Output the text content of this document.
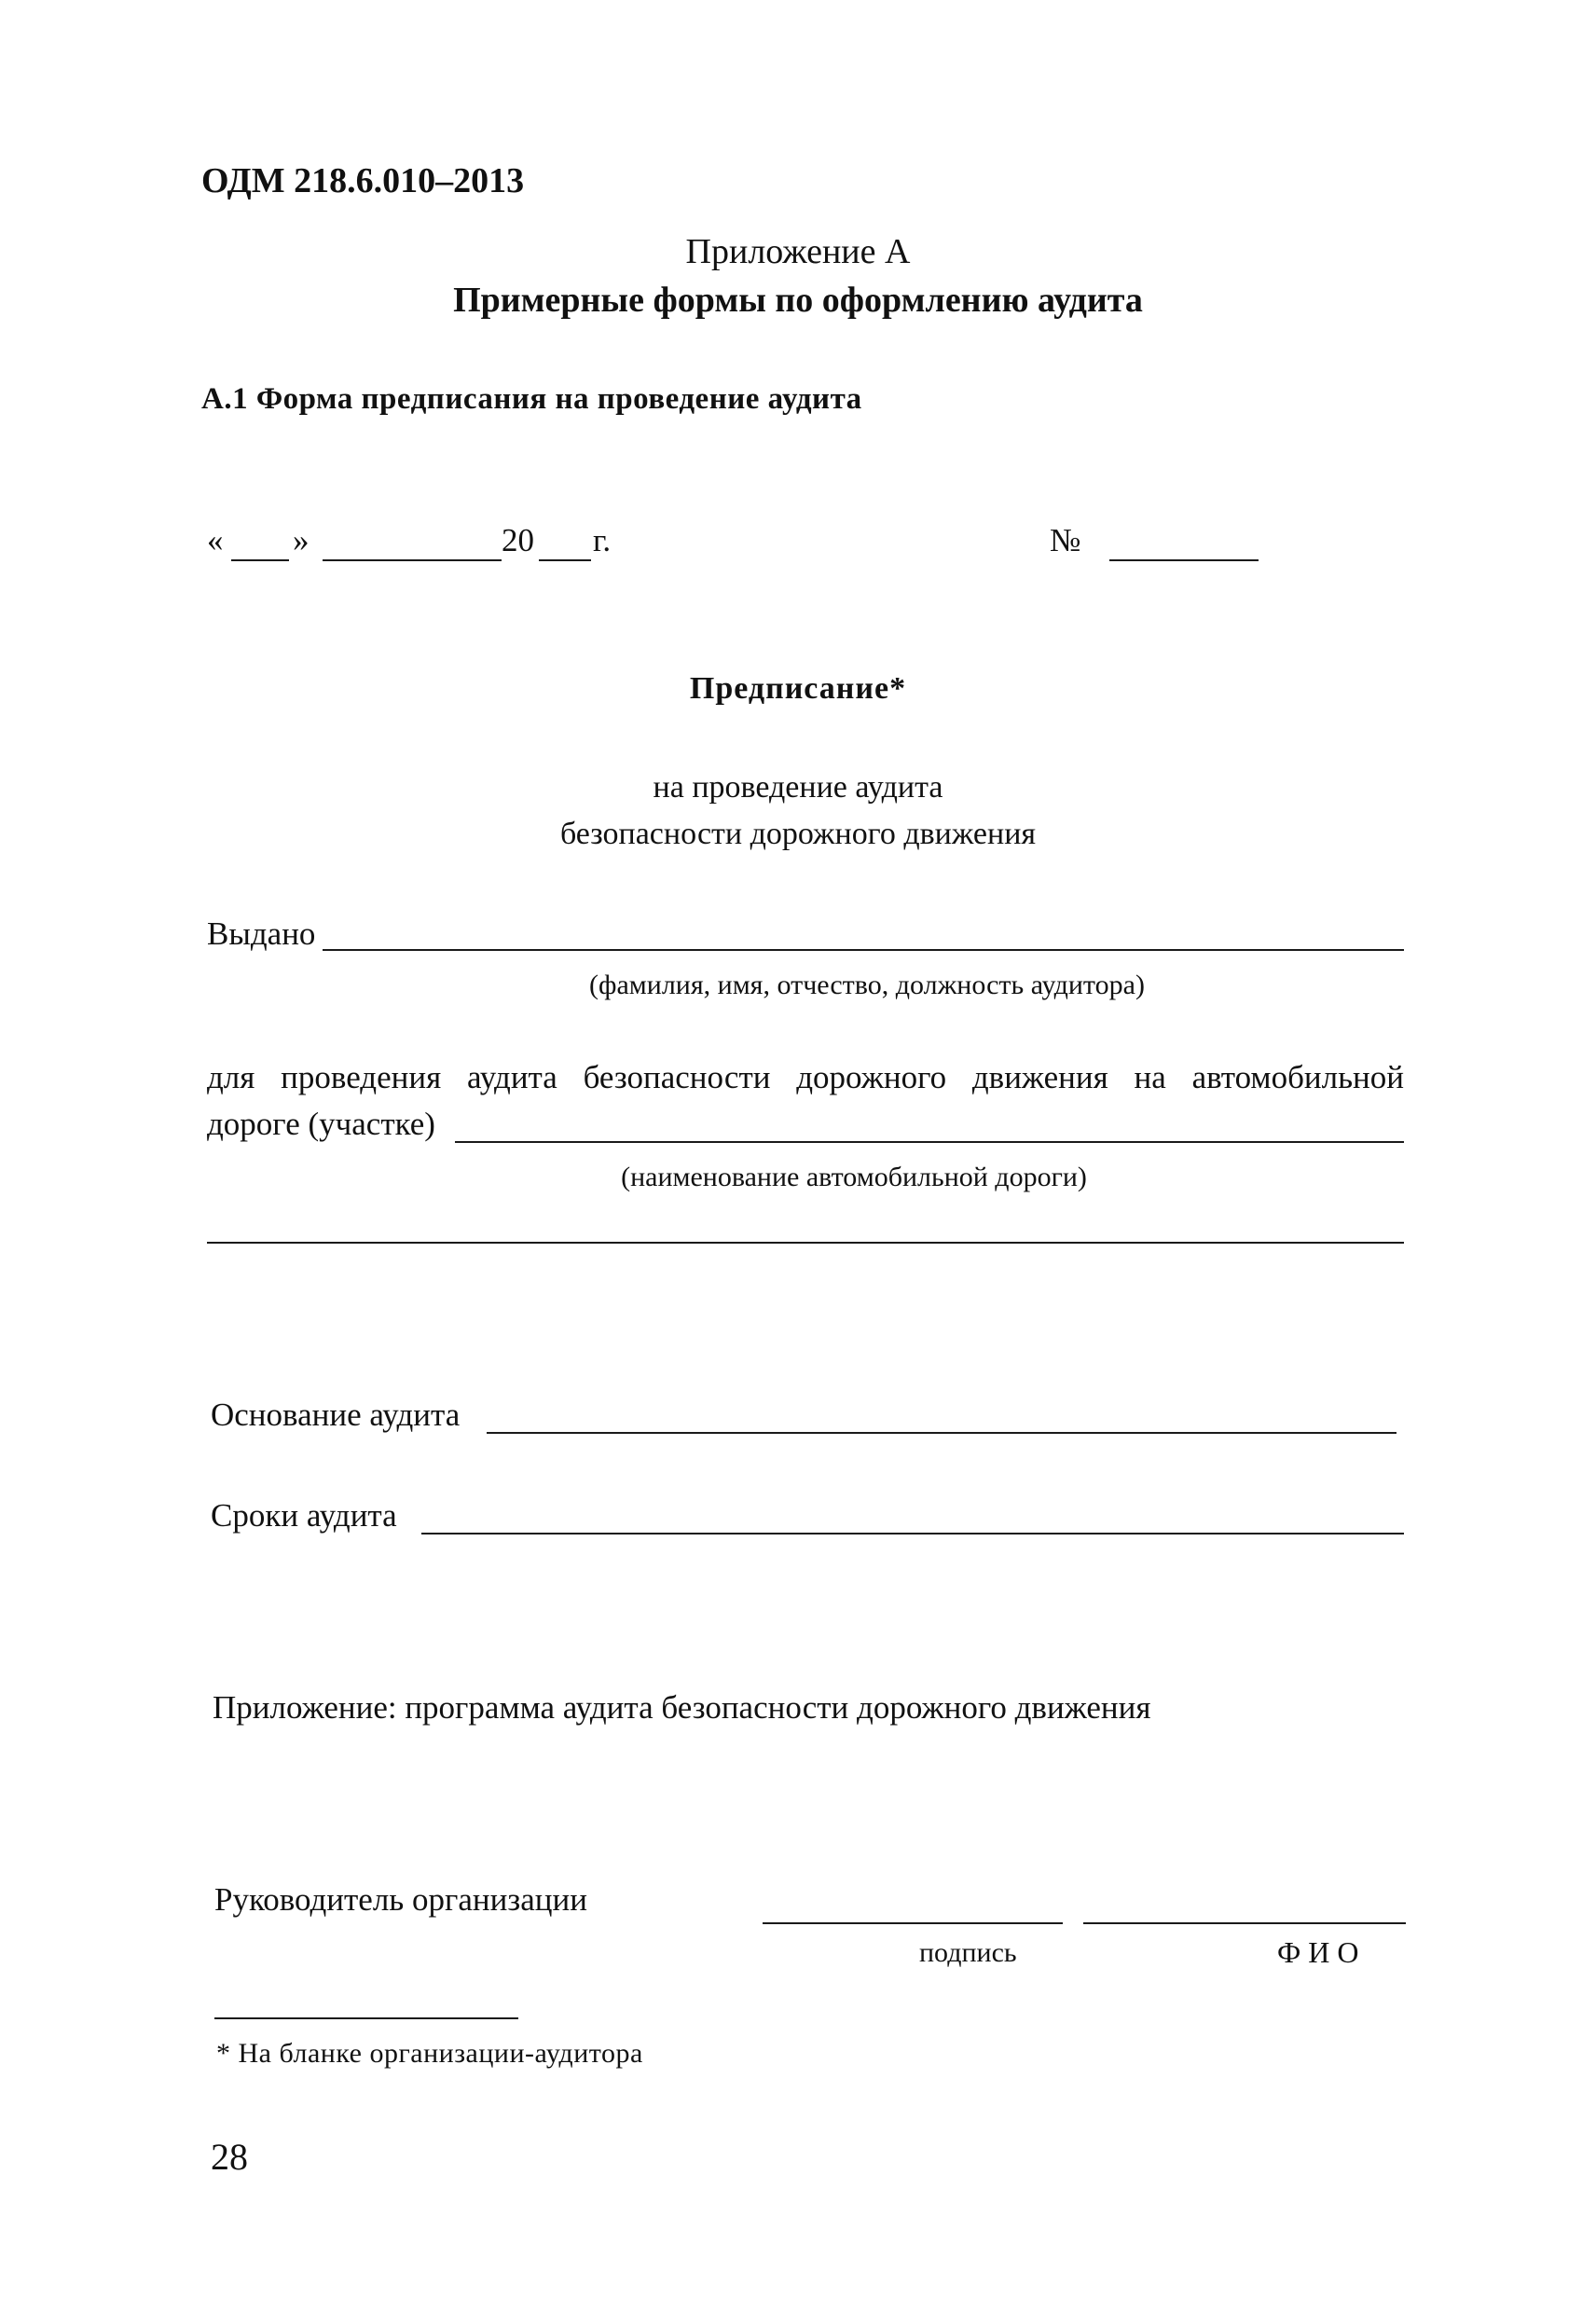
ОДМ 218.6.010–2013
Приложение А
Примерные формы по оформлению аудита
А.1 Форма предписания на проведение аудита
« »	20 г.	№
Предписание*
на проведение аудита
безопасности дорожного движения
Выдано
(фамилия, имя, отчество, должность аудитора)
для проведения аудита безопасности дорожного движения на автомобильной
дороге (участке)
(наименование автомобильной дороги)
Основание аудита
Сроки аудита
Приложение: программа аудита безопасности дорожного движения
Руководитель организации
подпись	ФИО
* На бланке организации-аудитора
28
